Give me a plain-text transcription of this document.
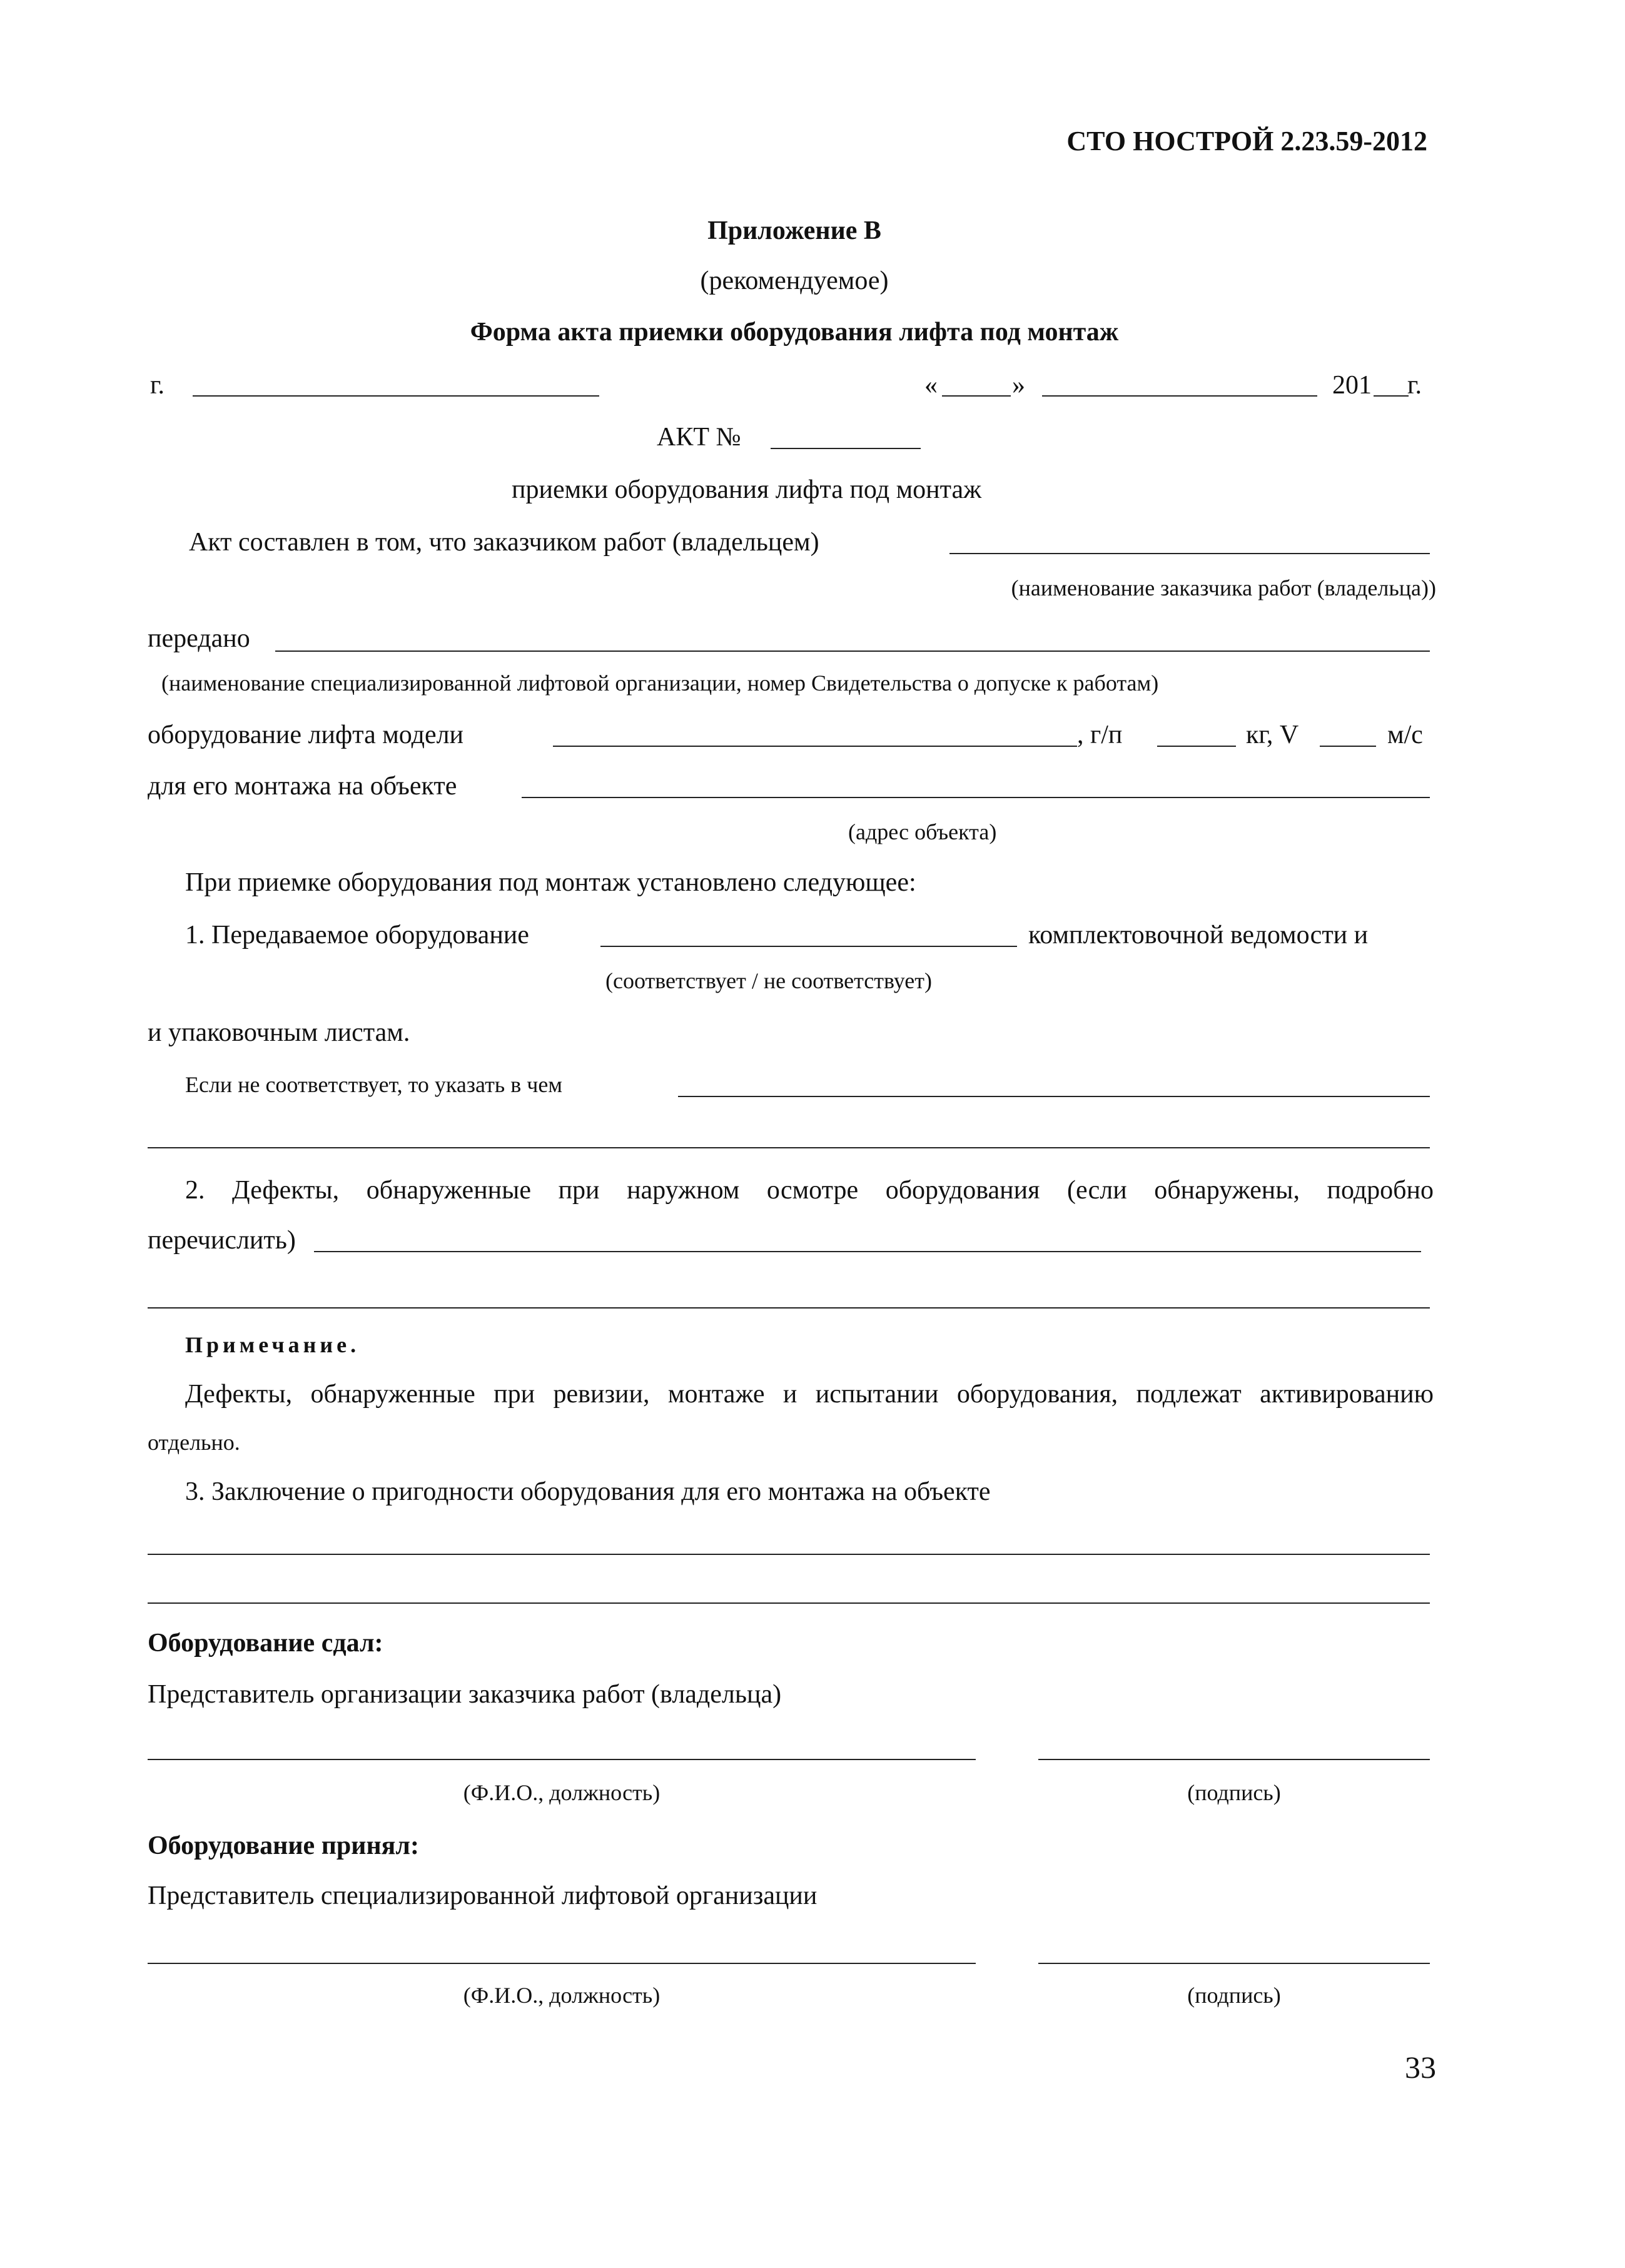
СТО НОСТРОЙ 2.23.59-2012
Приложение В
(рекомендуемое)
Форма акта приемки оборудования лифта под монтаж
г.	«	»	201 г.
АКТ №
приемки оборудования лифта под монтаж
Акт составлен в том, что заказчиком работ (владельцем)
(наименование заказчика работ (владельца))
передано
(наименование специализированной лифтовой организации, номер Свидетельства о допуске к работам)
оборудование лифта модели	, г/п	кг, V	м/с
для его монтажа на объекте
(адрес объекта)
При приемке оборудования под монтаж установлено следующее:
1. Передаваемое оборудование	комплектовочной ведомости и
(соответствует / не соответствует)
и упаковочным листам.
Если не соответствует, то указать в чем
2. Дефекты, обнаруженные при наружном осмотре оборудования (если обнаружены, подробно
перечислить)
Примечание.
Дефекты, обнаруженные при ревизии, монтаже и испытании оборудования, подлежат активированию
отдельно.
3. Заключение о пригодности оборудования для его монтажа на объекте
Оборудование сдал:
Представитель организации заказчика работ (владельца)
(Ф.И.О., должность)	(подпись)
Оборудование принял:
Представитель специализированной лифтовой организации
(Ф.И.О., должность)	(подпись)
33
